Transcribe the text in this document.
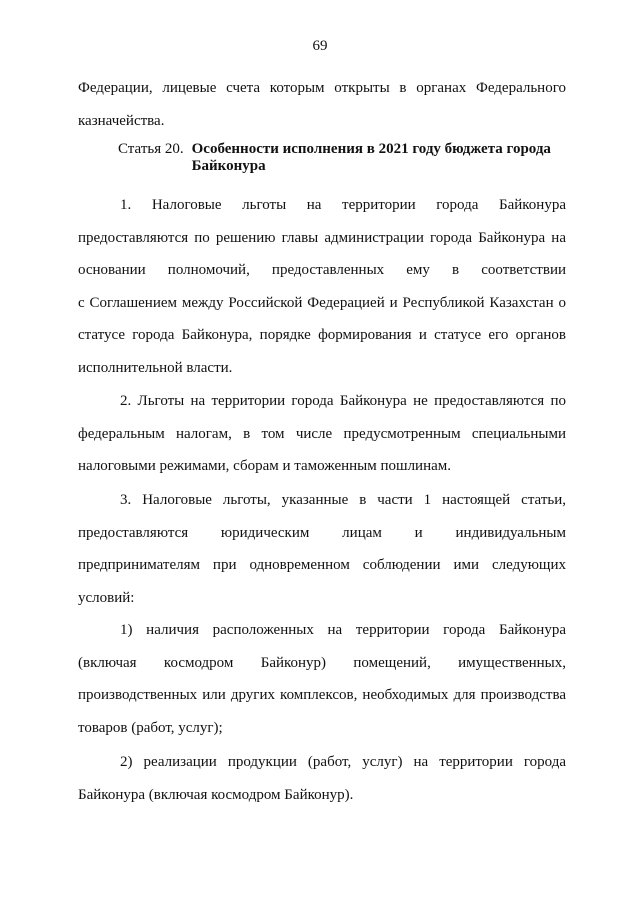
69
Федерации, лицевые счета которым открыты в органах Федерального
казначейства.
Статья 20. Особенности исполнения в 2021 году бюджета города Байконура
1. Налоговые льготы на территории города Байконура
предоставляются по решению главы администрации города Байконура на
основании полномочий, предоставленных ему в соответствии
с Соглашением между Российской Федерацией и Республикой Казахстан о
статусе города Байконура, порядке формирования и статусе его органов
исполнительной власти.
2. Льготы на территории города Байконура не предоставляются по
федеральным налогам, в том числе предусмотренным специальными
налоговыми режимами, сборам и таможенным пошлинам.
3. Налоговые льготы, указанные в части 1 настоящей статьи,
предоставляются юридическим лицам и индивидуальным
предпринимателям при одновременном соблюдении ими следующих
условий:
1) наличия расположенных на территории города Байконура
(включая космодром Байконур) помещений, имущественных,
производственных или других комплексов, необходимых для производства
товаров (работ, услуг);
2) реализации продукции (работ, услуг) на территории города
Байконура (включая космодром Байконур).
